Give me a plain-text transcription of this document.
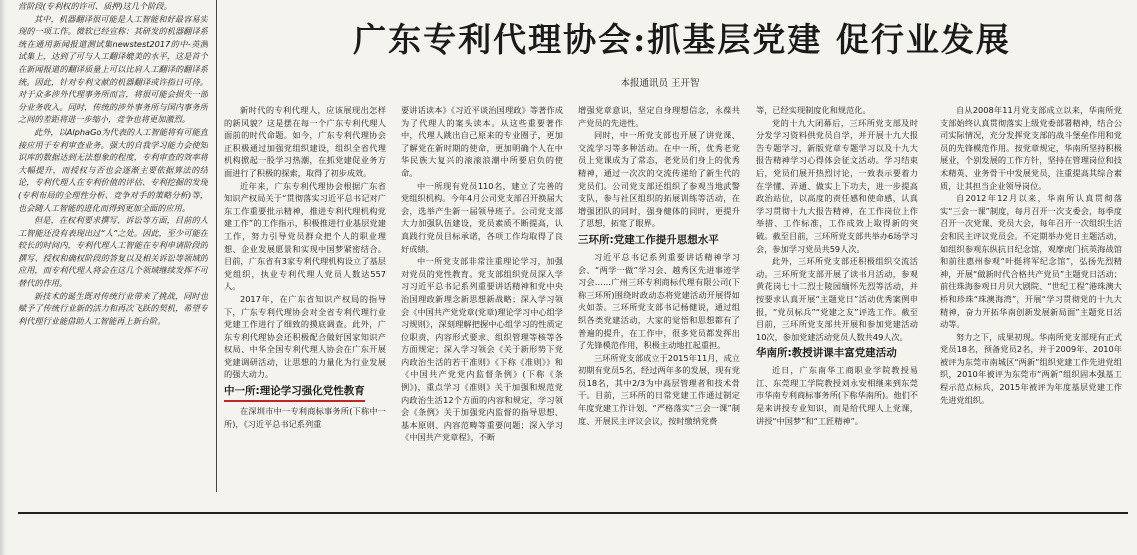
营阶段(专利权的许可、质押)这几个阶段。

其中，机器翻译很可能是人工智能和好最容易实现的一项工作。微软已经宣称：其研发的机器翻译系统在通用新闻报道测试集newstest2017的中-英测试集上，达到了可与人工翻译媲美的水平，这是首个在新闻报道的翻译质量上可以比肩人工翻译的翻译系统。因此，针对专利文献的机器翻译或许指日可待。对于众多涉外代理事务所而言，将很可能会损失一部分业务收入。同时，传统的涉外事务所与国内事务所之间的差距将进一步缩小，竞争也将更加激烈。

此外，以AlphaGo为代表的人工智能将有可能直接应用于专利审查业务。强大的自我学习能力会使知识库的数据达到无法想象的程度，专利审查的效率将大幅提升，而授权与否也会逐渐主要依据算法的结论，专利代理人在专利价值的评估、专利挖掘的发现(专利布局的全理性分析、竞争对手的策略分析)等，也会随人工智能的进化而得到更加全面的应用。

但是，在权利要求撰写、诉讼等方面，目前的人工智能还没有表现出过“人”之处。因此，至少可能在较长的时间内，专利代理人工智能在专利申请阶段的撰写、授权和确权阶段的答复以及相关诉讼等领域的应用，而专利代理人将会在这几个领域继续发挥不可替代的作用。

新技术的诞生既对传统行业带来了挑战，同时也赋予了传统行业新的活力和再次飞跃的契机，希望专利代理行业能借助人工智能再上新台阶。

广东专利代理协会:抓基层党建 促行业发展
本报通讯员 王开智

新时代的专利代理人，应该展现出怎样的新风貌？这是摆在每一个广东专利代理人面前的时代命题。如今，广东专利代理协会正积极通过加强党组织建设，组织全省代理机构掀起一股学习热潮，在抓党建促业务方面进行了积极的探索，取得了初步成效。

近年来，广东专利代理协会根据广东省知识产权局关于“贯彻落实习近平总书记对广东工作重要批示精神，推进专利代理机构党建工作”的工作指示，积极推进行业基层党建工作，努力引导党员群众把个人的职业理想、企业发展愿景和实现中国梦紧密结合。目前，广东省有3家专利代理机构设立了基层党组织，执业专利代理人党员人数达557人。

2017年，在广东省知识产权局的指导下，广东专利代理协会对全省专利代理行业党建工作进行了细致的摸底调查。此外，广东专利代理协会还积极配合做好国家知识产权局、中华全国专利代理人协会在广东开展党建调研活动，让思想的力量化为行业发展的强大动力。

中一所:理论学习强化党性教育

在深圳市中一专利商标事务所(下称中一所)，《习近平总书记系列重

要讲话读本》《习近平谈治国理政》等著作成为了代理人的案头读本。从这些重要著作中，代理人跳出自己原来的专业圈子，更加了解党在新时期的使命，更加明确个人在中华民族大复兴的滚滚浪潮中所要启负的使命。

中一所现有党员110名，建立了完善的党组织机构。今年4月公司党支部召开换届大会，选举产生新一届领导班子。公司党支部大力加强队伍建设，党员素质不断提高，认真践行党员目标承诺，各项工作均取得了良好成绩。

中一所党支部非常注重理论学习，加强对党员的党性教育。党支部组织党员深入学习习近平总书记系列重要讲话精神和党中央治国理政新理念新思想新战略；深入学习领会《中国共产党党章(党章)理论学习中心组学习规则》，深刻理解把握中心组学习的性质定位职责，内容形式要求、组织管理等核等各方面规定；深入学习领会《关于新形势下党内政治生活的若干准则》《下称《准则》》和《中国共产党党内监督条例》(下称《条例》)，重点学习《准则》关于加强和规范党内政治生活12个方面的内容和规定，学习领会《条例》关于加强党内监督的指导思想、基本原则、内容范畴等重要问题；深入学习《中国共产党章程》，不断

增强党章意识，坚定自身理想信念，永葆共产党员的先进性。

同时，中一所党支部也开展了讲党课、交流学习等多种活动。在中一所，优秀老党员上党课成为了常态，老党员们身上的优秀精神，通过一次次的交流传递给了新生代的党员们。公司党支部还组织了参观当地武警支队，参与社区组织的拓展训练等活动，在增强团队的同时，强身健体的同时，更提升了思想，拓宽了眼界。

三环所:党建工作提升思想水平

习近平总书记系列重要讲话精神学习会、“两学一做”学习会、越秀区先进事迹学习会……广州三环专利商标代理有限公司(下称三环所)围绕时政动态将党建活动开展得如火如荼。三环所党支部书记杨健说，通过组织各类党建活动，大家的觉悟和思想都有了普遍的提升，在工作中，很多党员都发挥出了先锋模范作用，积极主动地扛起重担。

三环所党支部成立于2015年11月，成立初期有党员5名，经过两年多的发展，现有党员18名，其中2/3为中高层管理者和技术骨干。目前，三环所的日常党建工作通过制定年度党建工作计划、“严格落实”三会一课”制度、开展民主评议会议，按时缴纳党费

等，已经实现制度化和规范化。

党的十九大闭幕后，三环所党支部及时分发学习资料供党员自学，并开展十九大报告专题学习，新版党章专题学习以及十九大报告精神学习心得体会征文活动。学习结束后，党员们展开热烈讨论，一致表示要着力在学懂、弄通、做实上下功夫，进一步提高政治站位，以高度的责任感和使命感，认真学习贯彻十九大报告精神，在工作岗位上作举措、工作标准，工作成效上取得新的突破。截至目前，三环所党支部共举办6场学习会，参加学习党员共59人次。

此外，三环所党支部还积极组织交流活动。三环所党支部开展了读书月活动，参观黄花岗七十二烈士陵园缅怀先烈等活动，并按要求认真开展“主题党日”活动优秀案例申报，“党员标兵”“党建之友”评选工作。截至目前，三环所党支部共开展和参加党建活动10次，参加党建活动党员人数共49人次。

华南所:教授讲课丰富党建活动

近日，广东南华工商职业学院教授易江、东莞理工学院教授刘永安相继来到东莞市华南专利商标事务所(下称华南所)。他们不是来讲授专业知识，而是给代理人上党课，讲授“中国梦”和“工匠精神”。

自从2008年11月党支部成立以来，华南所党支部始终认真贯彻落实上级党委部署精神，结合公司实际情况，充分发挥党支部的战斗堡垒作用和党员的先锋模范作用。按党章规定，华南所坚持积极展业，个别发展的工作方针，坚持在管理岗位和技术精英、业务骨干中发展党员，注重提高其综合素质，让其担当企业领导岗位。

自2012年12月以来，华南所认真贯彻落实“三会一课”制度，每月召开一次支委会，每季度召开一次党课、党员大会，每年召开一次组织生活会和民主评议党员会。不定期举办党日主题活动，如组织参观东纵抗日纪念馆，观摩虎门抗英海战馆和前往惠州参观“叶挺将军纪念馆”，弘扬先烈精神，开展“做新时代合格共产党员”主题党日活动；前往珠海参观日月贝大剧院、“世纪工程”港珠澳大桥和珍珠“珠澳海湾”，开展“学习贯彻党的十九大精神，奋力开拓华南创新发展新局面”主题党日活动等。

努力之下，成果初现。华南所党支部现有正式党员18名，预备党员2名，并于2009年、2010年被评为东莞市南城区“两新”组织党建工作先进党组织，2010年被评为东莞市“两新”组织固本强基工程示范点标兵，2015年被评为年度基层党建工作先进党组织。
